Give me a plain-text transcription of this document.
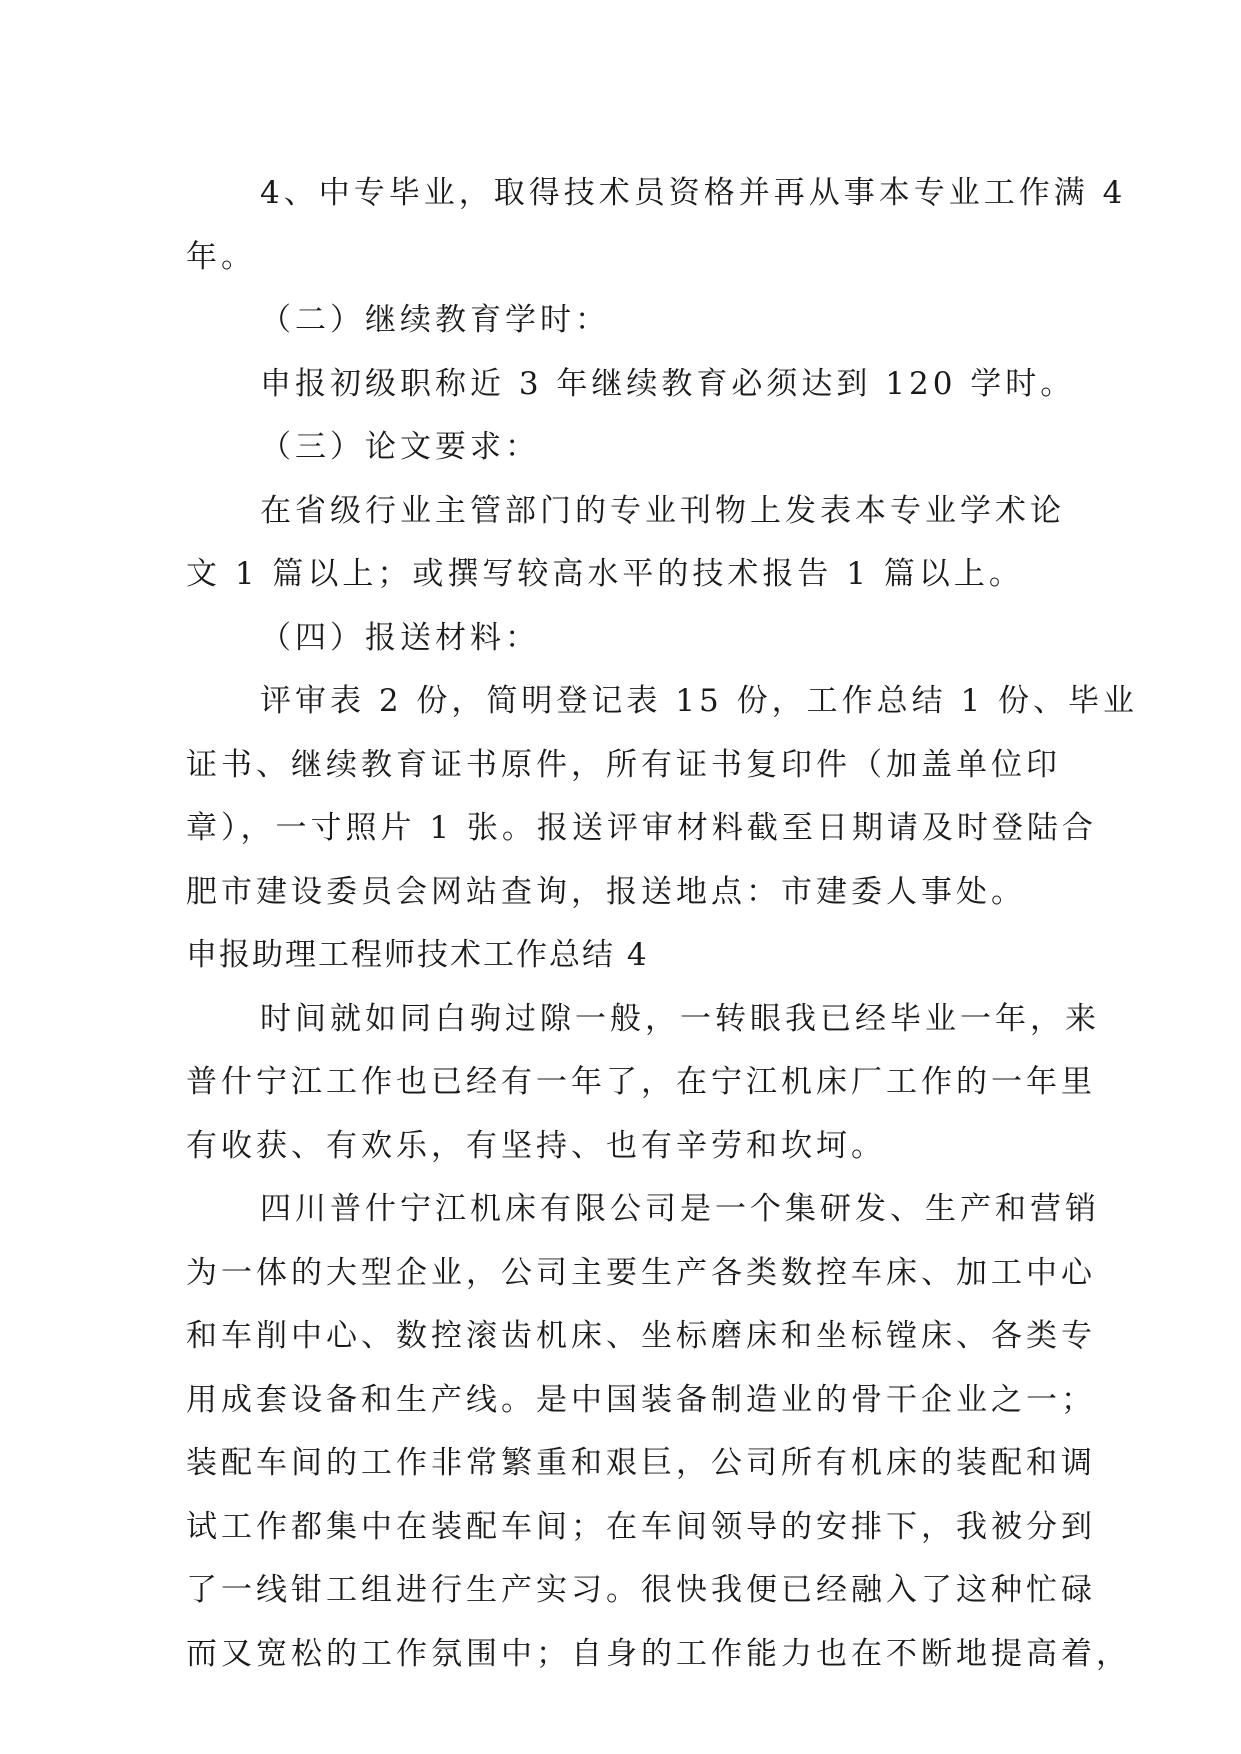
4、中专毕业，取得技术员资格并再从事本专业工作满 4
年。
（二）继续教育学时：
申报初级职称近 3 年继续教育必须达到 120 学时。
（三）论文要求：
在省级行业主管部门的专业刊物上发表本专业学术论
文 1 篇以上；或撰写较高水平的技术报告 1 篇以上。
（四）报送材料：
评审表 2 份，简明登记表 15 份，工作总结 1 份、毕业
证书、继续教育证书原件，所有证书复印件（加盖单位印
章），一寸照片 1 张。报送评审材料截至日期请及时登陆合
肥市建设委员会网站查询，报送地点：市建委人事处。
申报助理工程师技术工作总结 4
时间就如同白驹过隙一般，一转眼我已经毕业一年，来
普什宁江工作也已经有一年了，在宁江机床厂工作的一年里
有收获、有欢乐，有坚持、也有辛劳和坎坷。
四川普什宁江机床有限公司是一个集研发、生产和营销
为一体的大型企业，公司主要生产各类数控车床、加工中心
和车削中心、数控滚齿机床、坐标磨床和坐标镗床、各类专
用成套设备和生产线。是中国装备制造业的骨干企业之一；
装配车间的工作非常繁重和艰巨，公司所有机床的装配和调
试工作都集中在装配车间；在车间领导的安排下，我被分到
了一线钳工组进行生产实习。很快我便已经融入了这种忙碌
而又宽松的工作氛围中；自身的工作能力也在不断地提高着，
